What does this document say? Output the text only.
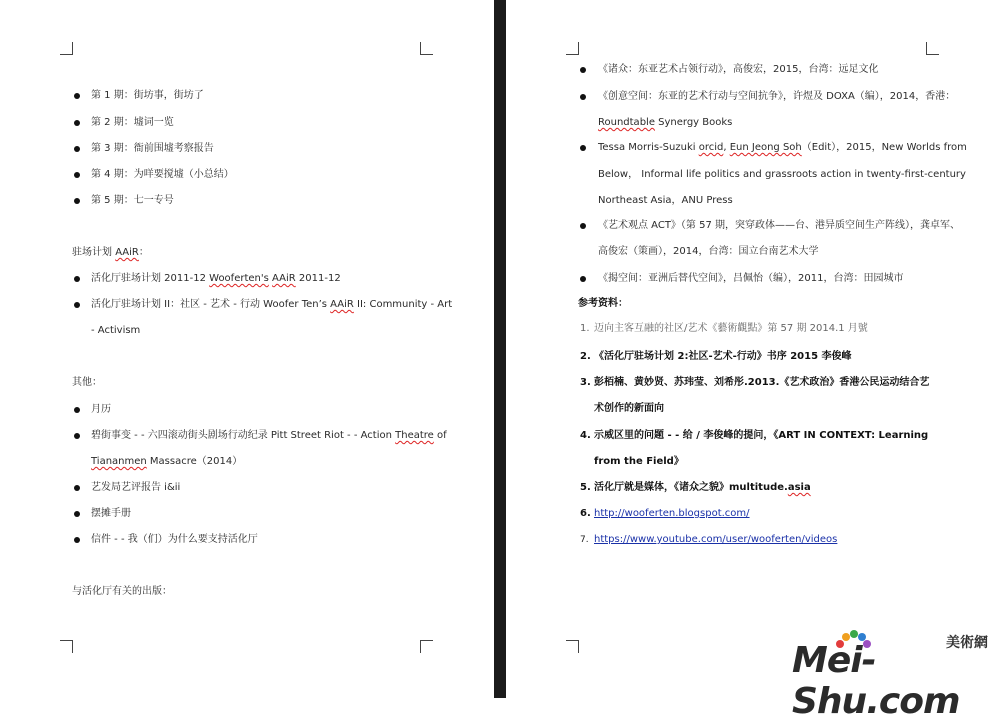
第 1 期：街坊事，街坊了
第 2 期：墟词一览
第 3 期：衙前围墟考察报告
第 4 期：为咩要搅墟（小总结）
第 5 期：七一专号
驻场计划 AAiR：
活化厅驻场计划 2011-12 Wooferten's AAiR 2011-12
活化厅驻场计划 II：社区 - 艺术 - 行动 Woofer Ten’s AAiR II: Community - Art
- Activism
其他：
月历
碧街事变 - - 六四滚动街头剧场行动纪录 Pitt Street Riot - - Action Theatre of
Tiananmen Massacre（2014）
艺发局艺评报告 i&ii
摆摊手册
信件 - - 我（们）为什么要支持活化厅
与活化厅有关的出版：
《诸众：东亚艺术占领行动》，高俊宏，2015，台湾：远足文化
《创意空间：东亚的艺术行动与空间抗争》，许煜及 DOXA（编），2014，香港：
Roundtable Synergy Books
Tessa Morris-Suzuki orcid, Eun Jeong Soh（Edit），2015，New Worlds from
Below， Informal life politics and grassroots action in twenty-first-century
Northeast Asia，ANU Press
《艺术观点 ACT》（第 57 期，突穿政体——台、港异质空间生产阵线），龚卓军、
高俊宏（策画），2014，台湾：国立台南艺术大学
《揭空间：亚洲后替代空间》，吕佩怡（编），2011，台湾：田园城市
参考资料：
1. 迈向主客互融的社区/艺术《藝術觀點》第 57 期 2014.1 月號
2. 《活化厅驻场计划 2:社区-艺术-行动》书序 2015 李俊峰
3. 彭栢楠、黄妙贤、苏玮莹、刘希彤.2013.《艺术政治》香港公民运动结合艺
术创作的新面向
4. 示威区里的问题 - - 给 / 李俊峰的提问，《ART IN CONTEXT: Learning
from the Field》
5. 活化厅就是媒体，《诸众之貌》multitude.asia
6. http://wooferten.blogspot.com/
7. https://www.youtube.com/user/wooferten/videos
Mei-Shu.com
美術網
